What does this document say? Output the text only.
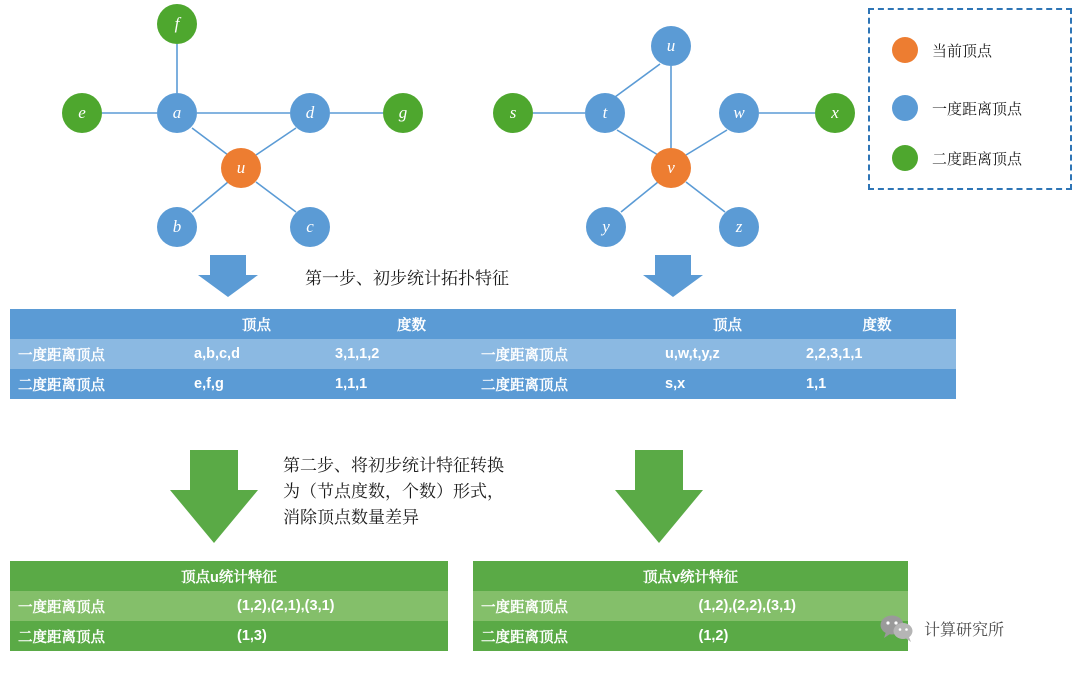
f
e	a	d	g
u
b	c
u
s	t	w	x
v
y	z
当前顶点
一度距离顶点
二度距离顶点
第一步、初步统计拓扑特征
	顶点	度数
一度距离顶点	a,b,c,d	3,1,1,2
二度距离顶点	e,f,g	1,1,1
	顶点	度数
一度距离顶点	u,w,t,y,z	2,2,3,1,1
二度距离顶点	s,x	1,1
第二步、将初步统计特征转换
为（节点度数，个数）形式，
消除顶点数量差异
顶点u统计特征	
一度距离顶点	(1,2),(2,1),(3,1)
二度距离顶点	(1,3)
顶点v统计特征	
一度距离顶点	(1,2),(2,2),(3,1)
二度距离顶点	(1,2)	计算研究所
